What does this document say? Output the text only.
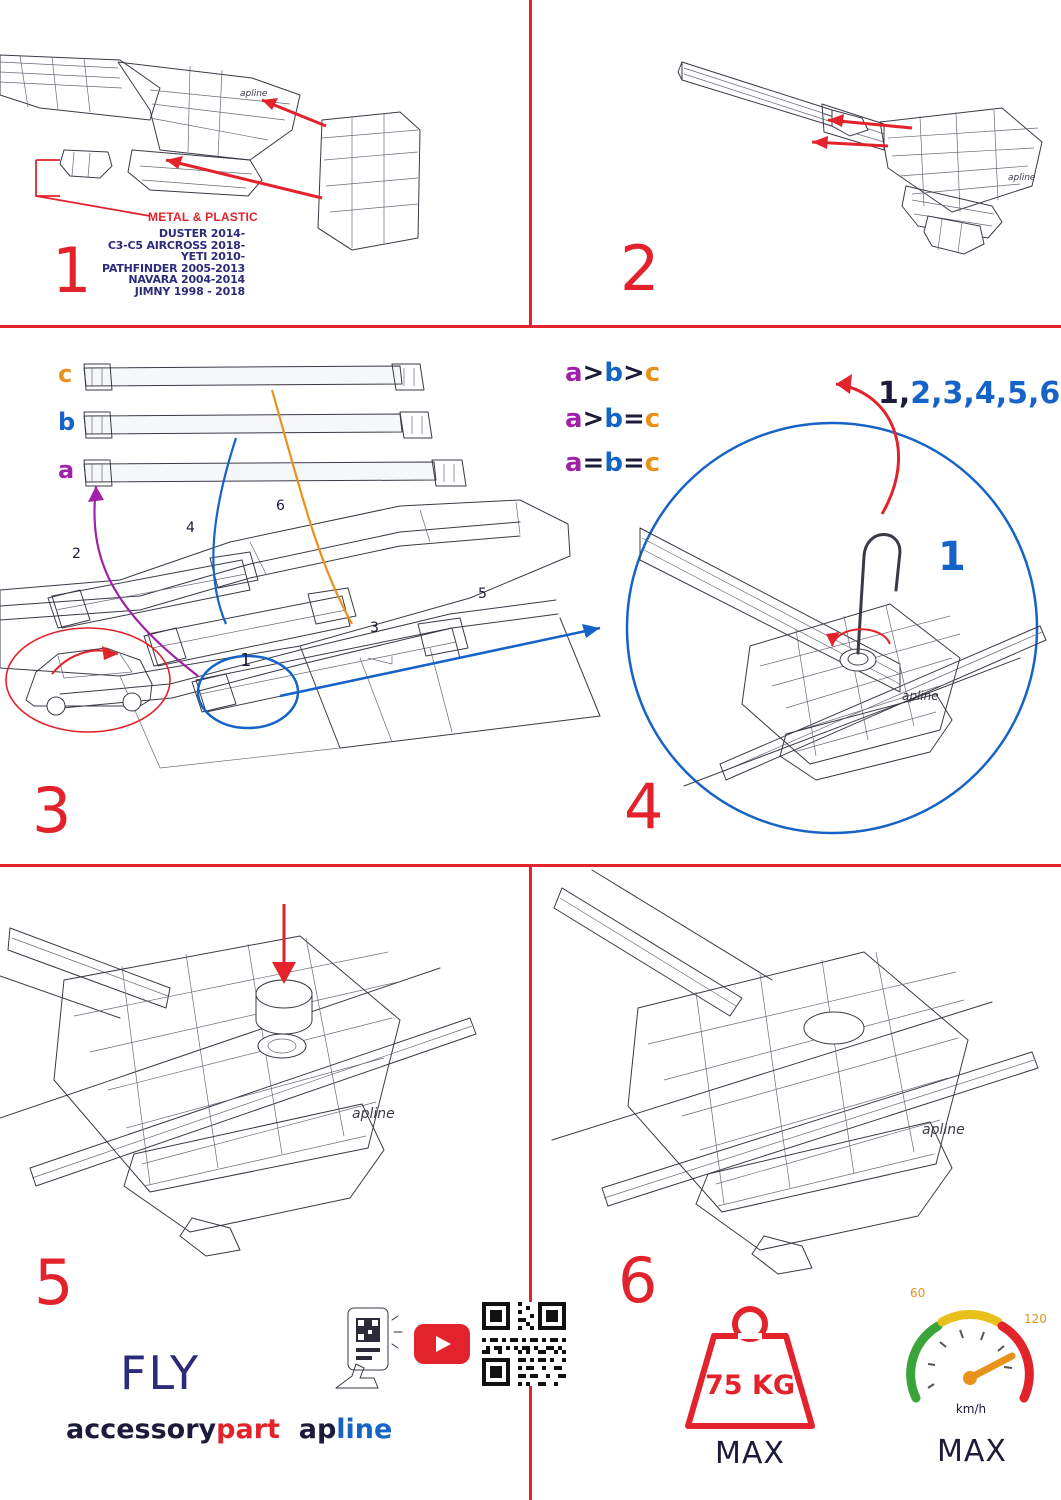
apline
METAL & PLASTIC
DUSTER 2014-
C3-C5 AIRCROSS 2018-
YETI 2010-
PATHFINDER 2005-2013
NAVARA 2004-2014
JIMNY 1998 - 2018
1
apline
2
c
b
a
2
4
6
3
5
1
3
a>b>c
a>b=c
a=b=c
apline
1,2,3,4,5,6
1
4
apline
5
FLY
accessorypart apline
apline
6
75 KG
MAX
60
120
km/h
MAX
